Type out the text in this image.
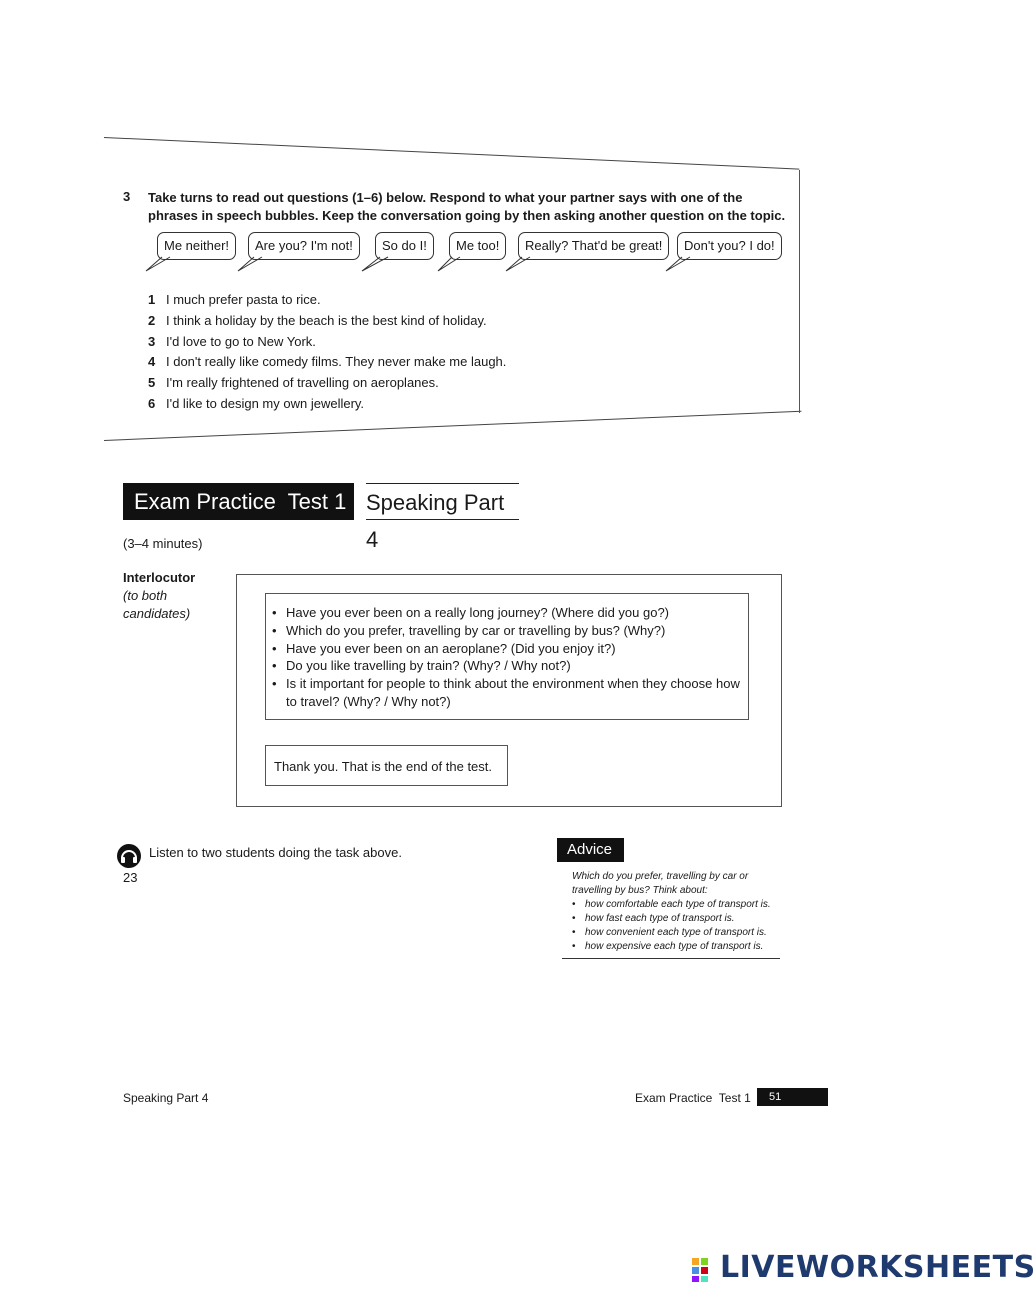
3 Take turns to read out questions (1–6) below. Respond to what your partner says with one of the phrases in speech bubbles. Keep the conversation going by then asking another question on the topic.
Me neither!	Are you? I'm not!	So do I!	Me too!	Really? That'd be great!	Don't you? I do!
1 I much prefer pasta to rice.
2 I think a holiday by the beach is the best kind of holiday.
3 I'd love to go to New York.
4 I don't really like comedy films. They never make me laugh.
5 I'm really frightened of travelling on aeroplanes.
6 I'd like to design my own jewellery.
Exam Practice  Test 1 Speaking Part 4
(3–4 minutes)
Interlocutor
(to both
candidates)
•	Have you ever been on a really long journey? (Where did you go?)
• Which do you prefer, travelling by car or travelling by bus? (Why?)
• Have you ever been on an aeroplane? (Did you enjoy it?)
• Do you like travelling by train? (Why? / Why not?)
• Is it important for people to think about the environment when they choose how to travel? (Why? / Why not?)
Thank you. That is the end of the test.
Listen to two students doing the task above.
23
Advice
Which do you prefer, travelling by car or travelling by bus? Think about:
• how comfortable each type of transport is.
• how fast each type of transport is.
• how convenient each type of transport is.
• how expensive each type of transport is.
Speaking Part 4	Exam Practice  Test 1	51
LIVEWORKSHEETS
